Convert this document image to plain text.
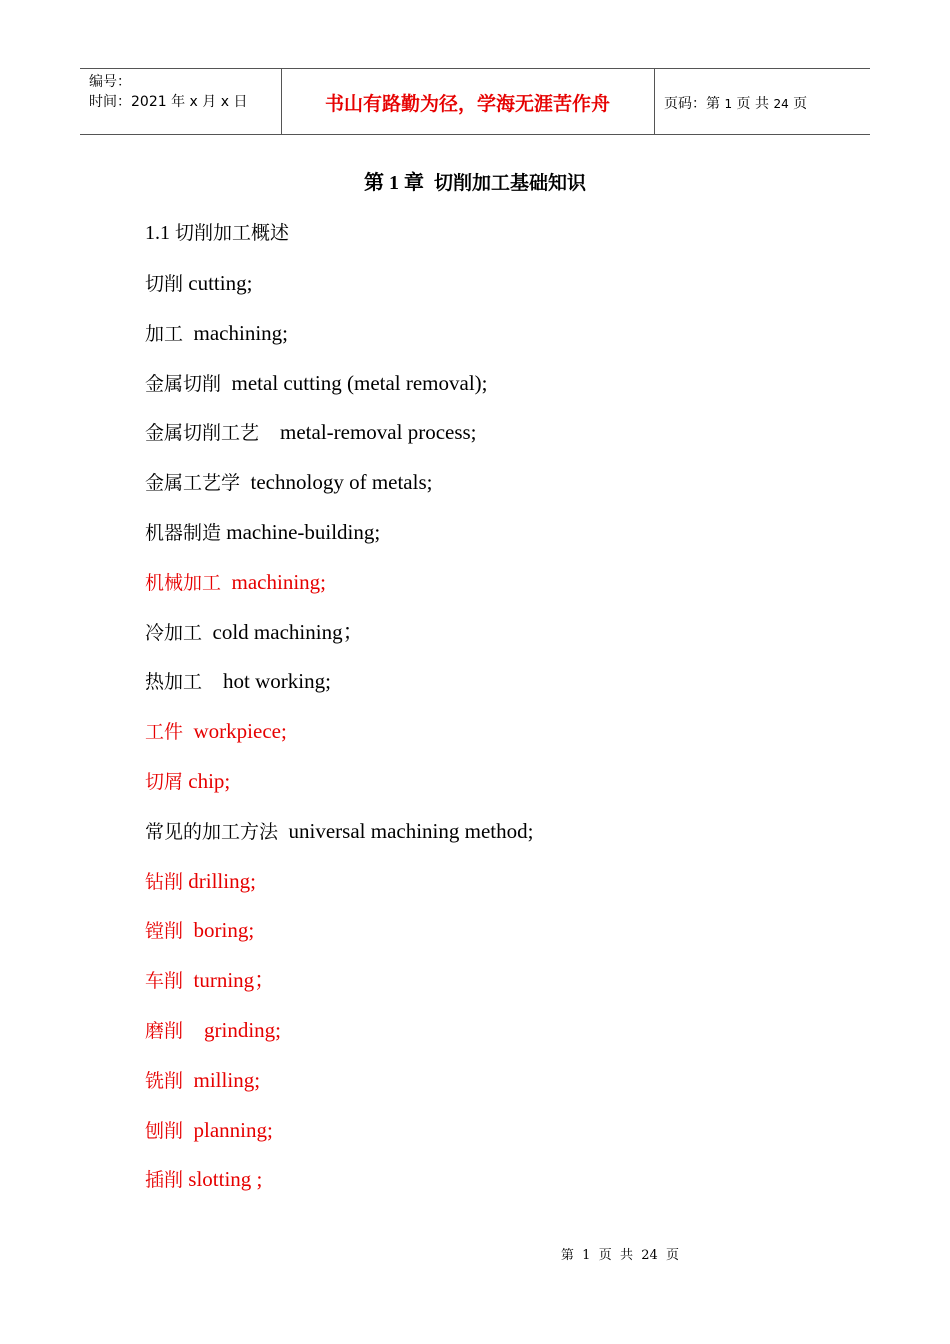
编号：
时间：2021 年 x 月 x 日	书山有路勤为径，学海无涯苦作舟	页码：第 1 页 共 24 页
第 1 章 切削加工基础知识
1.1 切削加工概述
切削 cutting;
加工  machining;
金属切削  metal cutting (metal removal);
金属切削工艺    metal-removal process;
金属工艺学  technology of metals;
机器制造 machine-building;
机械加工  machining;
冷加工  cold machining；
热加工    hot working;
工件  workpiece;
切屑 chip;
常见的加工方法  universal machining method;
钻削 drilling;
镗削  boring;
车削  turning；
磨削    grinding;
铣削  milling;
刨削  planning;
插削 slotting ;
第  1  页  共  24  页
